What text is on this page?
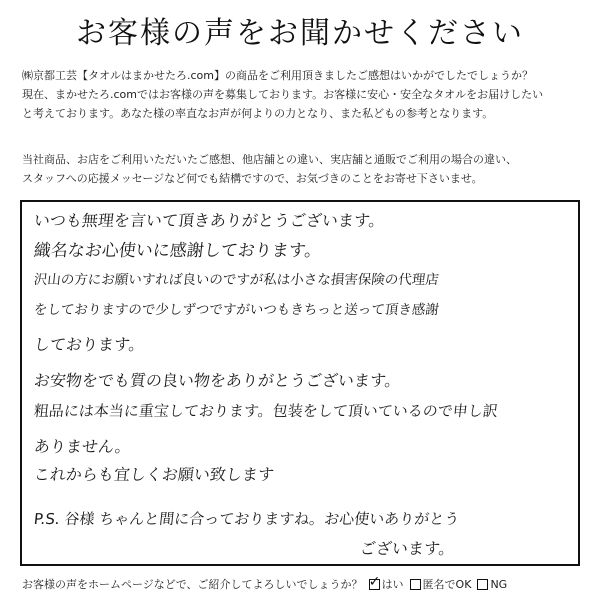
お客様の声をお聞かせください
㈱京都工芸【タオルはまかせたろ.com】の商品をご利用頂きましたご感想はいかがでしたでしょうか？
現在、まかせたろ.comではお客様の声を募集しております。お客様に安心・安全なタオルをお届けしたい
と考えております。あなた様の率直なお声が何よりの力となり、また私どもの参考となります。
当社商品、お店をご利用いただいたご感想、他店舗との違い、実店舗と通販でご利用の場合の違い、
スタッフへの応援メッセージなど何でも結構ですので、お気づきのことをお寄せ下さいませ。
いつも無理を言いて頂きありがとうございます。
織名なお心使いに感謝しております。
沢山の方にお願いすれば良いのですが私は小さな損害保険の代理店
をしておりますので少しずつですがいつもきちっと送って頂き感謝
しております。
お安物をでも質の良い物をありがとうございます。
粗品には本当に重宝しております。包装をして頂いているので申し訳
ありません。
これからも宜しくお願い致します
P.S. 谷様 ちゃんと間に合っておりますね。お心使いありがとう
ございます。
お客様の声をホームページなどで、ご紹介してよろしいでしょうか？
✓ はい 匿名でOK NG
